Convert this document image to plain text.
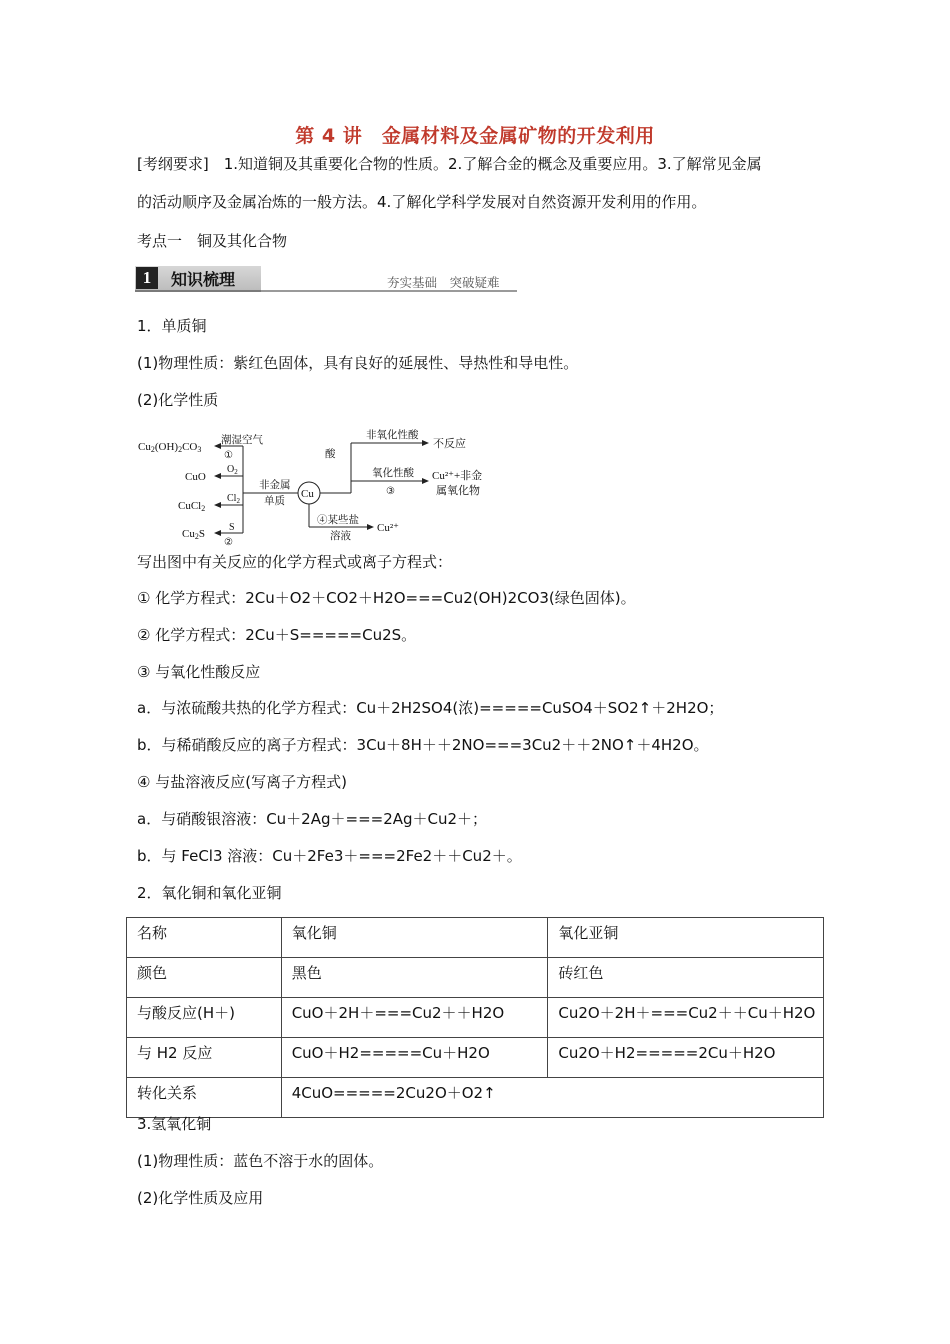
第 4 讲　金属材料及金属矿物的开发利用
[考纲要求]　1.知道铜及其重要化合物的性质。2.了解合金的概念及重要应用。3.了解常见金属
的活动顺序及金属冶炼的一般方法。4.了解化学科学发展对自然资源开发利用的作用。
考点一　铜及其化合物
1	知识梳理	夯实基础　突破疑难
1．单质铜
(1)物理性质：紫红色固体，具有良好的延展性、导热性和导电性。
(2)化学性质
Cu2(OH)2CO3
CuO
CuCl2
Cu2S
潮湿空气
①
$O_2$
$Cl_2$
S
②
非金属
单质
Cu
酸
非氧化性酸
不反应
氧化性酸
③
Cu²⁺+非金
属氧化物
④某些盐
溶液
Cu²⁺
写出图中有关反应的化学方程式或离子方程式：
① 化学方程式：2Cu＋O2＋CO2＋H2O===Cu2(OH)2CO3(绿色固体)。
② 化学方程式：2Cu＋S=====Cu2S。
③ 与氧化性酸反应
a．与浓硫酸共热的化学方程式：Cu＋2H2SO4(浓)=====CuSO4＋SO2↑＋2H2O；
b．与稀硝酸反应的离子方程式：3Cu＋8H＋＋2NO===3Cu2＋＋2NO↑＋4H2O。
④ 与盐溶液反应(写离子方程式)
a．与硝酸银溶液：Cu＋2Ag＋===2Ag＋Cu2＋；
b．与 FeCl3 溶液：Cu＋2Fe3＋===2Fe2＋＋Cu2＋。
2．氧化铜和氧化亚铜
名称	氧化铜	氧化亚铜
颜色	黑色	砖红色
与酸反应(H＋)	CuO＋2H＋===Cu2＋＋H2O	Cu2O＋2H＋===Cu2＋＋Cu＋H2O
与 H2 反应	CuO＋H2=====Cu＋H2O	Cu2O＋H2=====2Cu＋H2O
转化关系	4CuO=====2Cu2O＋O2↑	
3.氢氧化铜
(1)物理性质：蓝色不溶于水的固体。
(2)化学性质及应用
